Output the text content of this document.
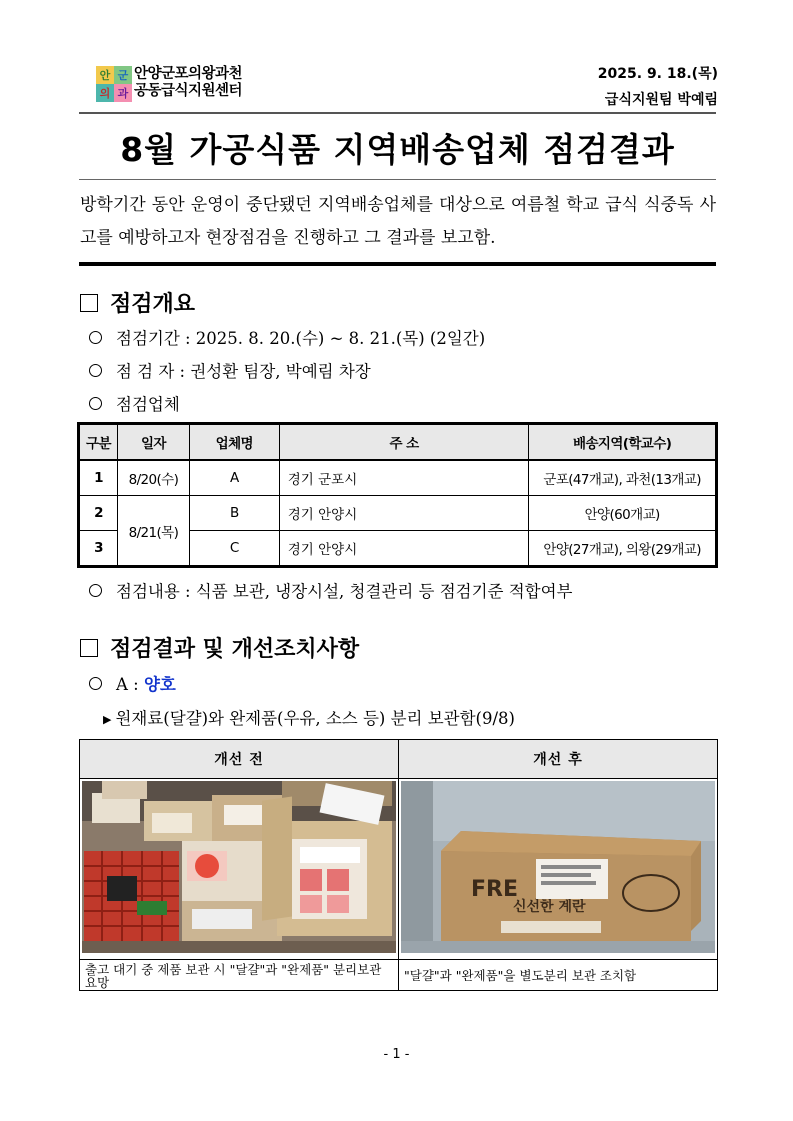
안 군
의 과
안양군포의왕과천
공동급식지원센터
2025. 9. 18.(목)
급식지원팀 박예림
8월 가공식품 지역배송업체 점검결과
방학기간 동안 운영이 중단됐던 지역배송업체를 대상으로 여름철 학교 급식 식중독 사고를 예방하고자 현장점검을 진행하고 그 결과를 보고함.
점검개요
점검기간 : 2025. 8. 20.(수) ~ 8. 21.(목) (2일간)
점 검 자 : 권성환 팀장, 박예림 차장
점검업체
구분	일자	업체명	주 소	배송지역(학교수)
1	8/20(수)	A	경기 군포시	군포(47개교), 과천(13개교)
2	8/21(목)	B	경기 안양시	안양(60개교)
3		C	경기 안양시	안양(27개교), 의왕(29개교)
점검내용 : 식품 보관, 냉장시설, 청결관리 등 점검기준 적합여부
점검결과 및 개선조치사항
A : 양호
▶ 원재료(달걀)와 완제품(우유, 소스 등) 분리 보관함(9/8)
개선 전	개선 후

FRE
신선한 계란

출고 대기 중 제품 보관 시 "달걀"과 "완제품" 분리보관 요망	"달걀"과 "완제품"을 별도분리 보관 조치함
- 1 -
